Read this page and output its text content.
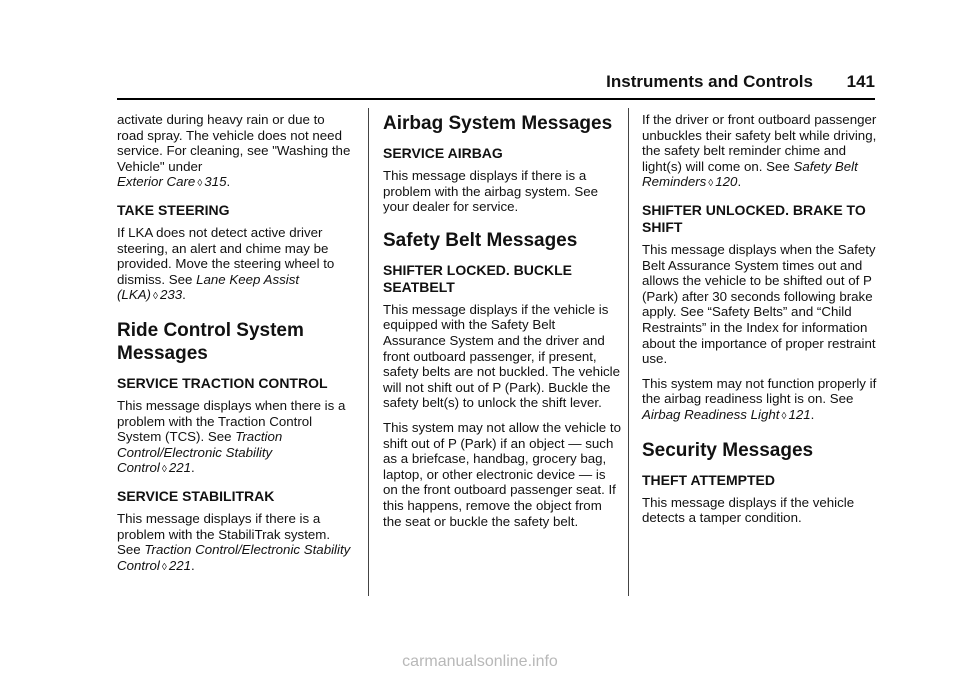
Instruments and Controls 141

activate during heavy rain or due to road spray. The vehicle does not need service. For cleaning, see "Washing the Vehicle" under
Exterior Care ◊ 315.

TAKE STEERING

If LKA does not detect active driver steering, an alert and chime may be provided. Move the steering wheel to dismiss. See Lane Keep Assist (LKA) ◊ 233.

Ride Control System Messages
SERVICE TRACTION CONTROL

This message displays when there is a problem with the Traction Control System (TCS). See Traction Control/Electronic Stability Control ◊ 221.

SERVICE STABILITRAK

This message displays if there is a problem with the StabiliTrak system. See Traction Control/Electronic Stability Control ◊ 221.

Airbag System Messages
SERVICE AIRBAG

This message displays if there is a problem with the airbag system. See your dealer for service.

Safety Belt Messages
SHIFTER LOCKED. BUCKLE SEATBELT

This message displays if the vehicle is equipped with the Safety Belt Assurance System and the driver and front outboard passenger, if present, safety belts are not buckled. The vehicle will not shift out of P (Park). Buckle the safety belt(s) to unlock the shift lever.

This system may not allow the vehicle to shift out of P (Park) if an object — such as a briefcase, handbag, grocery bag, laptop, or other electronic device — is on the front outboard passenger seat. If this happens, remove the object from the seat or buckle the safety belt.

If the driver or front outboard passenger unbuckles their safety belt while driving, the safety belt reminder chime and light(s) will come on. See Safety Belt Reminders ◊ 120.

SHIFTER UNLOCKED. BRAKE TO SHIFT

This message displays when the Safety Belt Assurance System times out and allows the vehicle to be shifted out of P (Park) after 30 seconds following brake apply. See “Safety Belts” and “Child Restraints” in the Index for information about the importance of proper restraint use.

This system may not function properly if the airbag readiness light is on. See Airbag Readiness Light ◊ 121.

Security Messages
THEFT ATTEMPTED

This message displays if the vehicle detects a tamper condition.

carmanualsonline.info
